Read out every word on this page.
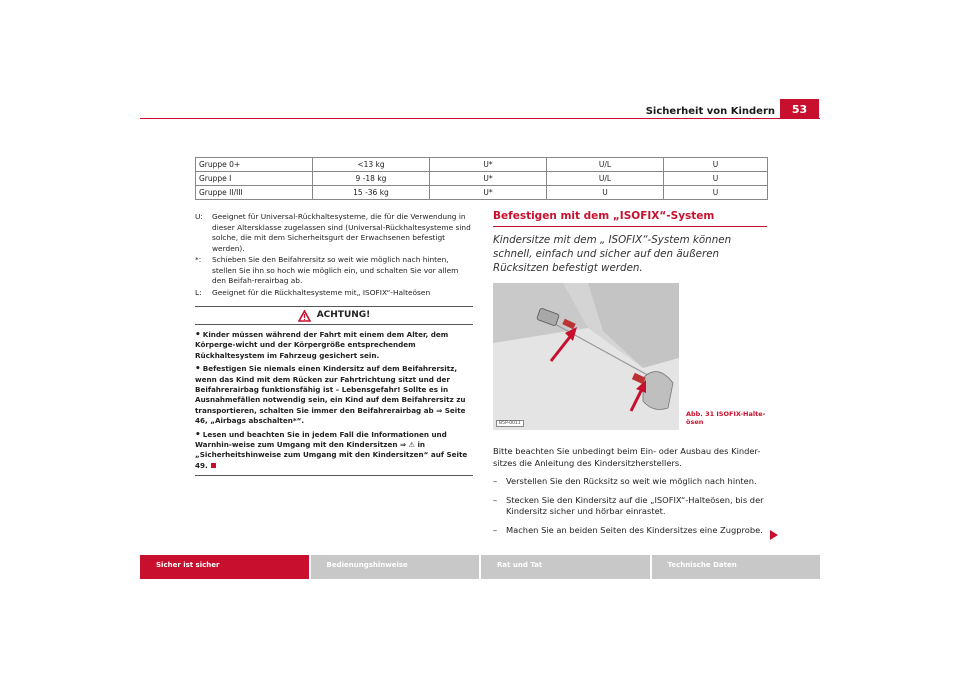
Sicherheit von Kindern	53
Gruppe 0+	<13 kg	U*	U/L	U
Gruppe I	9 -18 kg	U*	U/L	U
Gruppe II/III	15 -36 kg	U*	U	U
U:	Geeignet für Universal-Rückhaltesysteme, die für die Verwendung in dieser Altersklasse zugelassen sind (Universal-Rückhaltesysteme sind solche, die mit dem Sicherheitsgurt der Erwachsenen befestigt werden).
*:	Schieben Sie den Beifahrersitz so weit wie möglich nach hinten, stellen Sie ihn so hoch wie möglich ein, und schalten Sie vor allem den Beifah-rerairbag ab.
L:	Geeignet für die Rückhaltesysteme mit„ ISOFIX“-Halteösen
ACHTUNG!

• Kinder müssen während der Fahrt mit einem dem Alter, dem Körperge-wicht und der Körpergröße entsprechendem Rückhaltesystem im Fahrzeug gesichert sein.

• Befestigen Sie niemals einen Kindersitz auf dem Beifahrersitz, wenn das Kind mit dem Rücken zur Fahrtrichtung sitzt und der Beifahrerairbag funktionsfähig ist – Lebensgefahr! Sollte es in Ausnahmefällen notwendig sein, ein Kind auf dem Beifahrersitz zu transportieren, schalten Sie immer den Beifahrerairbag ab ⇒ Seite 46, „Airbags abschalten*“.

• Lesen und beachten Sie in jedem Fall die Informationen und Warnhin-weise zum Umgang mit den Kindersitzen ⇒ ⚠ in „Sicherheitshinweise zum Umgang mit den Kindersitzen“ auf Seite 49.

Befestigen mit dem „ISOFIX“-System
Kindersitze mit dem „ ISOFIX“-System können schnell, einfach und sicher auf den äußeren Rücksitzen befestigt werden.
B5P-0011
Abb. 31 ISOFIX-Halte-ösen

Bitte beachten Sie unbedingt beim Ein- oder Ausbau des Kinder-sitzes die Anleitung des Kindersitzherstellers.

–	Verstellen Sie den Rücksitz so weit wie möglich nach hinten.
–	Stecken Sie den Kindersitz auf die „ISOFIX“-Halteösen, bis der Kindersitz sicher und hörbar einrastet.
–	Machen Sie an beiden Seiten des Kindersitzes eine Zugprobe.
Sicher ist sicher	Bedienungshinweise	Rat und Tat	Technische Daten
